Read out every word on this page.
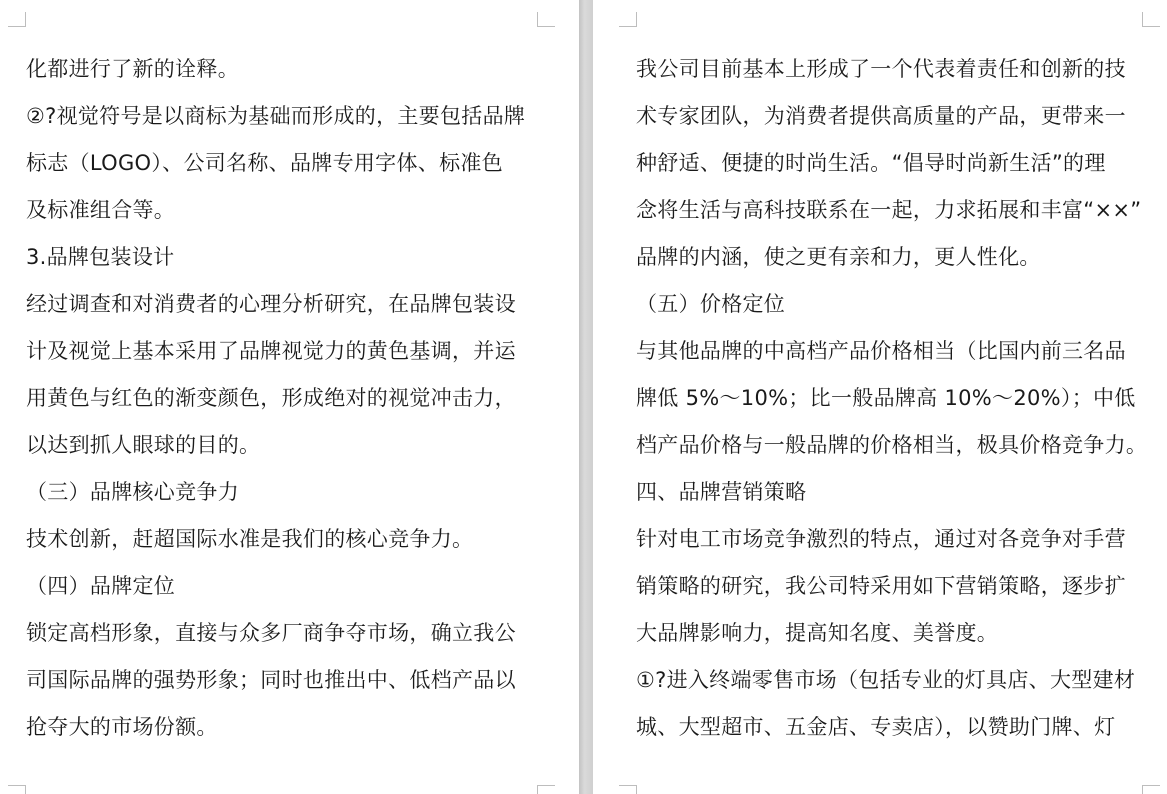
化都进行了新的诠释。
②?视觉符号是以商标为基础而形成的，主要包括品牌
标志（LOGO）、公司名称、品牌专用字体、标准色
及标准组合等。
3.品牌包装设计
经过调查和对消费者的心理分析研究，在品牌包装设
计及视觉上基本采用了品牌视觉力的黄色基调，并运
用黄色与红色的渐变颜色，形成绝对的视觉冲击力，
以达到抓人眼球的目的。
（三）品牌核心竞争力
技术创新，赶超国际水准是我们的核心竞争力。
（四）品牌定位
锁定高档形象，直接与众多厂商争夺市场，确立我公
司国际品牌的强势形象；同时也推出中、低档产品以
抢夺大的市场份额。
我公司目前基本上形成了一个代表着责任和创新的技
术专家团队，为消费者提供高质量的产品，更带来一
种舒适、便捷的时尚生活。“倡导时尚新生活”的理
念将生活与高科技联系在一起，力求拓展和丰富“××”
品牌的内涵，使之更有亲和力，更人性化。
（五）价格定位
与其他品牌的中高档产品价格相当（比国内前三名品
牌低 5%～10%；比一般品牌高 10%～20%）；中低
档产品价格与一般品牌的价格相当，极具价格竞争力。
四、品牌营销策略
针对电工市场竞争激烈的特点，通过对各竞争对手营
销策略的研究，我公司特采用如下营销策略，逐步扩
大品牌影响力，提高知名度、美誉度。
①?进入终端零售市场（包括专业的灯具店、大型建材
城、大型超市、五金店、专卖店），以赞助门牌、灯
